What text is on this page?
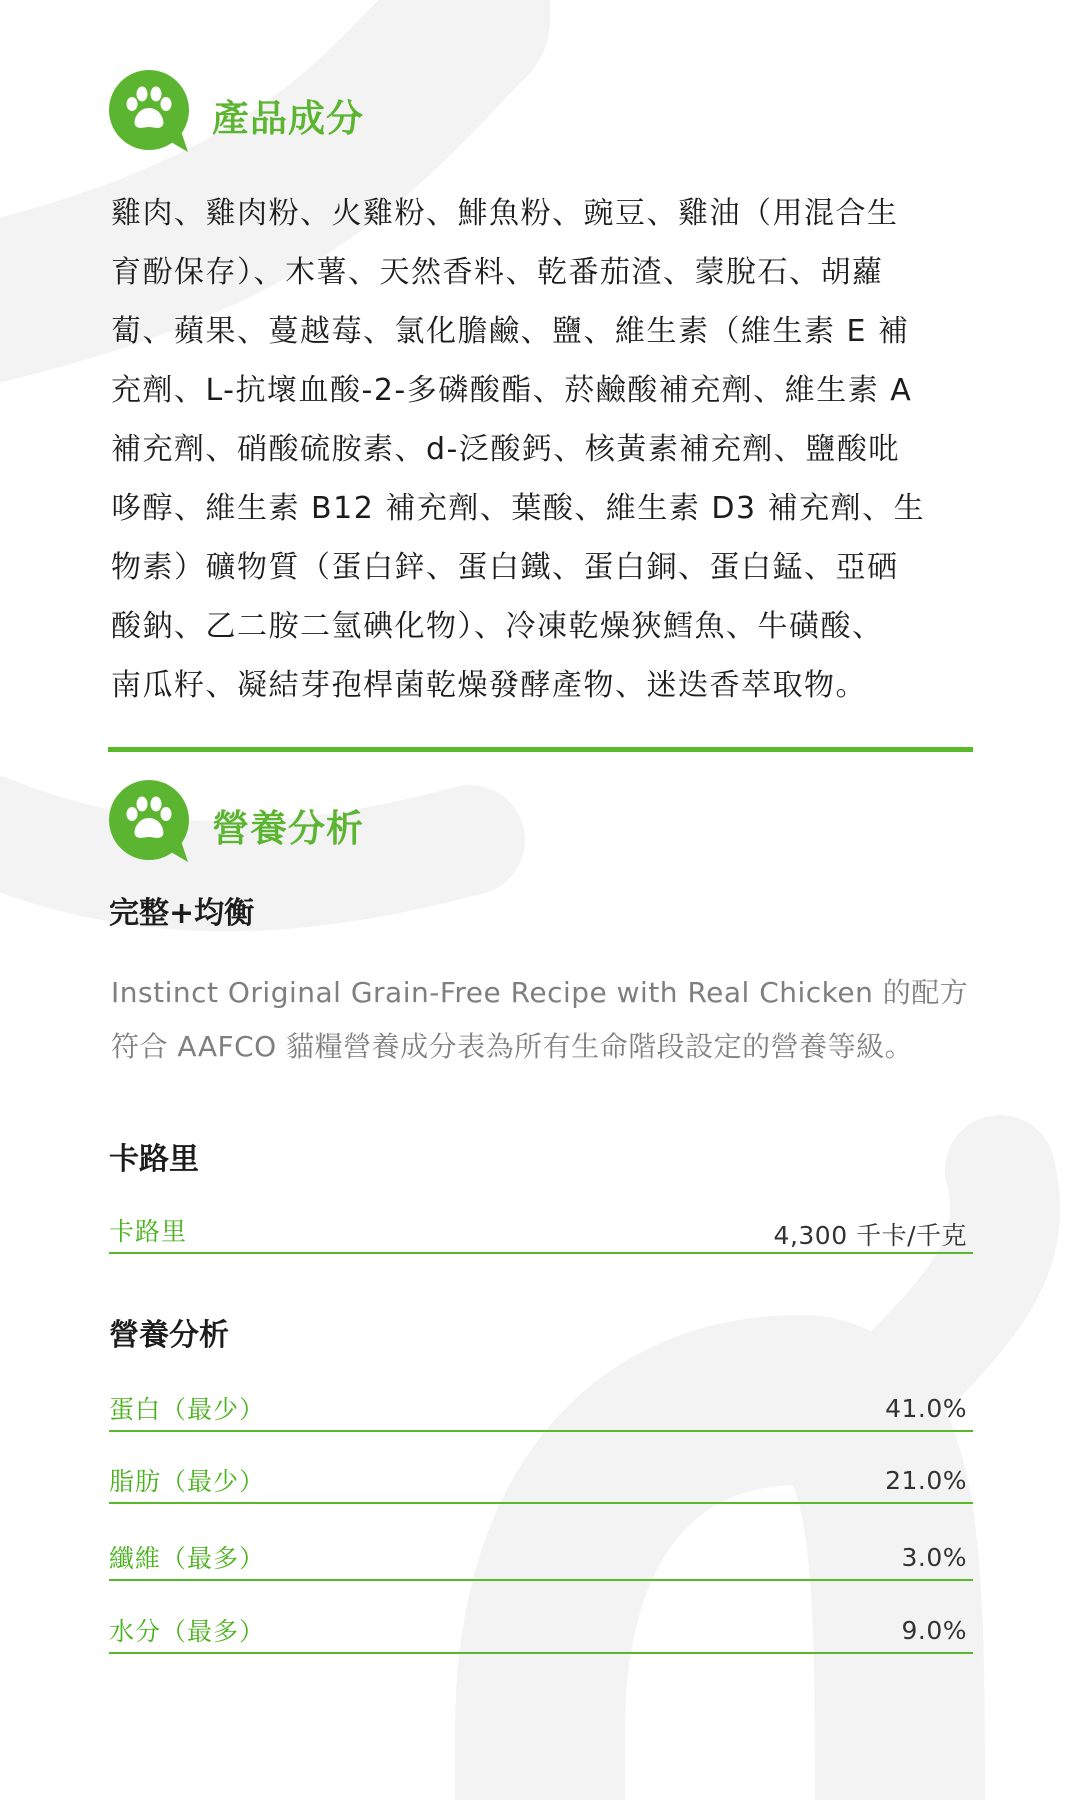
產品成分
雞肉、雞肉粉、火雞粉、鯡魚粉、豌豆、雞油（用混合生
育酚保存）、木薯、天然香料、乾番茄渣、蒙脫石、胡蘿
蔔、蘋果、蔓越莓、氯化膽鹼、鹽、維生素（維生素 E 補
充劑、L-抗壞血酸-2-多磷酸酯、菸鹼酸補充劑、維生素 A
補充劑、硝酸硫胺素、d-泛酸鈣、核黃素補充劑、鹽酸吡
哆醇、維生素 B12 補充劑、葉酸、維生素 D3 補充劑、生
物素）礦物質（蛋白鋅、蛋白鐵、蛋白銅、蛋白錳、亞硒
酸鈉、乙二胺二氫碘化物）、冷凍乾燥狹鱈魚、牛磺酸、
南瓜籽、凝結芽孢桿菌乾燥發酵產物、迷迭香萃取物。
營養分析
完整+均衡
Instinct Original Grain-Free Recipe with Real Chicken 的配方
符合 AAFCO 貓糧營養成分表為所有生命階段設定的營養等級。
卡路里
卡路里	4,300 千卡/千克
營養分析
蛋白（最少）	41.0%
脂肪（最少）	21.0%
纖維（最多）	3.0%
水分（最多）	9.0%
